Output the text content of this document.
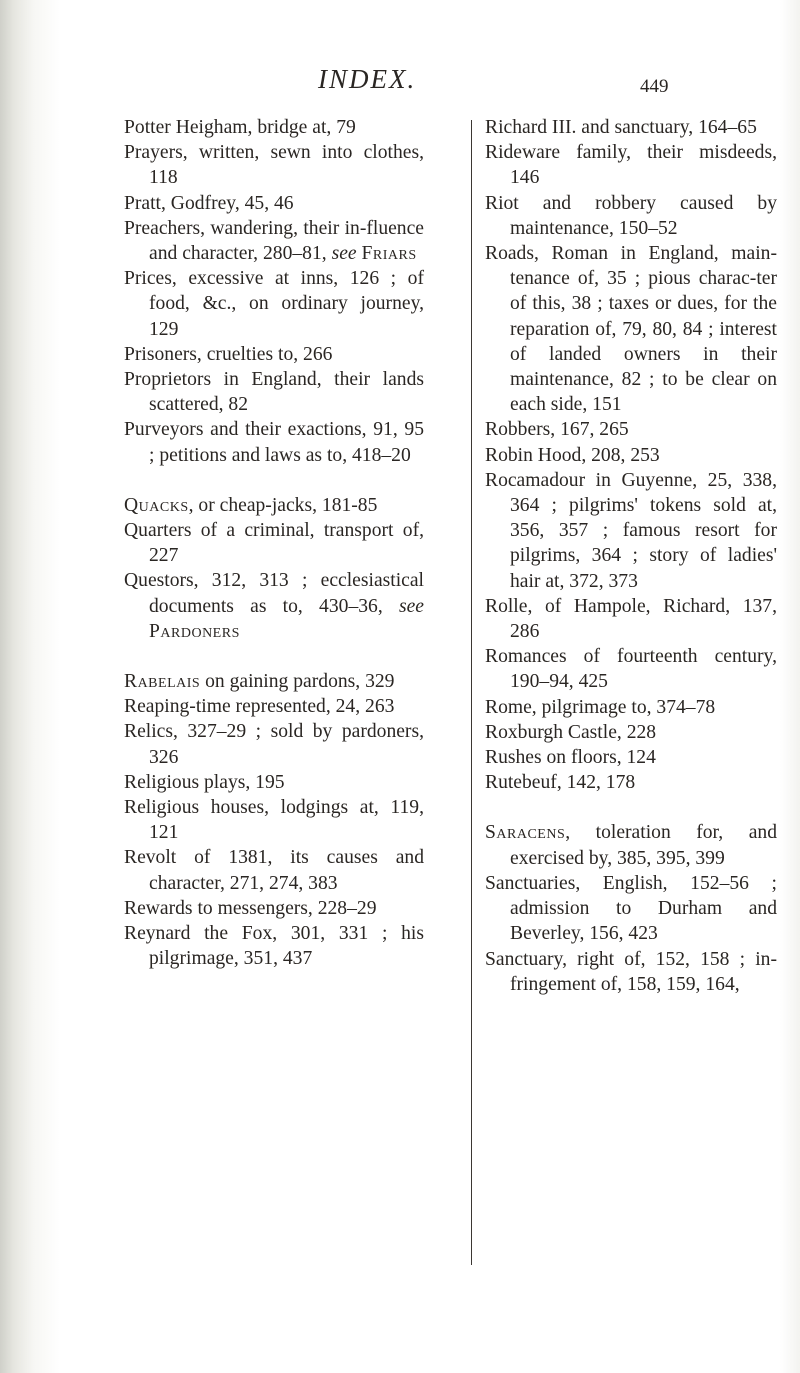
INDEX.	449
Potter Heigham, bridge at, 79
Prayers, written, sewn into clothes, 118
Pratt, Godfrey, 45, 46
Preachers, wandering, their in-fluence and character, 280–81, see Friars
Prices, excessive at inns, 126 ; of food, &c., on ordinary journey, 129
Prisoners, cruelties to, 266
Proprietors in England, their lands scattered, 82
Purveyors and their exactions, 91, 95 ; petitions and laws as to, 418–20
Quacks, or cheap-jacks, 181-85
Quarters of a criminal, transport of, 227
Questors, 312, 313 ; ecclesiastical documents as to, 430–36, see Pardoners
Rabelais on gaining pardons, 329
Reaping-time represented, 24, 263
Relics, 327–29 ; sold by pardoners, 326
Religious plays, 195
Religious houses, lodgings at, 119, 121
Revolt of 1381, its causes and character, 271, 274, 383
Rewards to messengers, 228–29
Reynard the Fox, 301, 331 ; his pilgrimage, 351, 437
Richard III. and sanctuary, 164–65
Rideware family, their misdeeds, 146
Riot and robbery caused by maintenance, 150–52
Roads, Roman in England, main-tenance of, 35 ; pious charac-ter of this, 38 ; taxes or dues, for the reparation of, 79, 80, 84 ; interest of landed owners in their maintenance, 82 ; to be clear on each side, 151
Robbers, 167, 265
Robin Hood, 208, 253
Rocamadour in Guyenne, 25, 338, 364 ; pilgrims' tokens sold at, 356, 357 ; famous resort for pilgrims, 364 ; story of ladies' hair at, 372, 373
Rolle, of Hampole, Richard, 137, 286
Romances of fourteenth century, 190–94, 425
Rome, pilgrimage to, 374–78
Roxburgh Castle, 228
Rushes on floors, 124
Rutebeuf, 142, 178
Saracens, toleration for, and exercised by, 385, 395, 399
Sanctuaries, English, 152–56 ; admission to Durham and Beverley, 156, 423
Sanctuary, right of, 152, 158 ; in-fringement of, 158, 159, 164,
